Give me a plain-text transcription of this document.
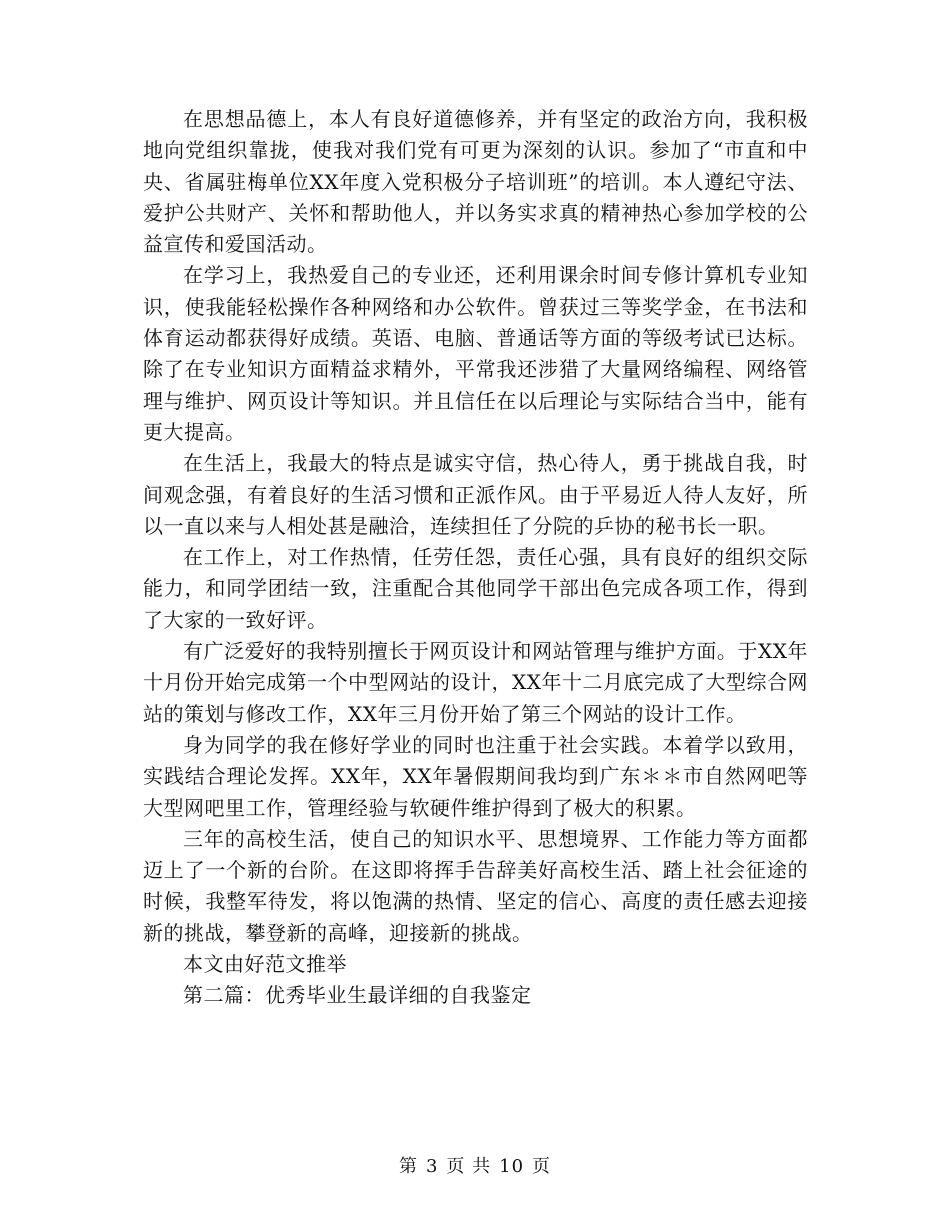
在思想品德上，本人有良好道德修养，并有坚定的政治方向，我积极地向党组织靠拢，使我对我们党有可更为深刻的认识。参加了“市直和中央、省属驻梅单位XX年度入党积极分子培训班”的培训。本人遵纪守法、爱护公共财产、关怀和帮助他人，并以务实求真的精神热心参加学校的公益宣传和爱国活动。

在学习上，我热爱自己的专业还，还利用课余时间专修计算机专业知识，使我能轻松操作各种网络和办公软件。曾获过三等奖学金，在书法和体育运动都获得好成绩。英语、电脑、普通话等方面的等级考试已达标。除了在专业知识方面精益求精外，平常我还涉猎了大量网络编程、网络管理与维护、网页设计等知识。并且信任在以后理论与实际结合当中，能有更大提高。

在生活上，我最大的特点是诚实守信，热心待人，勇于挑战自我，时间观念强，有着良好的生活习惯和正派作风。由于平易近人待人友好，所以一直以来与人相处甚是融洽，连续担任了分院的乒协的秘书长一职。

在工作上，对工作热情，任劳任怨，责任心强，具有良好的组织交际能力，和同学团结一致，注重配合其他同学干部出色完成各项工作，得到了大家的一致好评。

有广泛爱好的我特别擅长于网页设计和网站管理与维护方面。于XX年十月份开始完成第一个中型网站的设计，XX年十二月底完成了大型综合网站的策划与修改工作，XX年三月份开始了第三个网站的设计工作。

身为同学的我在修好学业的同时也注重于社会实践。本着学以致用，实践结合理论发挥。XX年，XX年暑假期间我均到广东＊＊市自然网吧等大型网吧里工作，管理经验与软硬件维护得到了极大的积累。

三年的高校生活，使自己的知识水平、思想境界、工作能力等方面都迈上了一个新的台阶。在这即将挥手告辞美好高校生活、踏上社会征途的时候，我整军待发，将以饱满的热情、坚定的信心、高度的责任感去迎接新的挑战，攀登新的高峰，迎接新的挑战。

本文由好范文推举

第二篇：优秀毕业生最详细的自我鉴定

第 3 页 共 10 页
